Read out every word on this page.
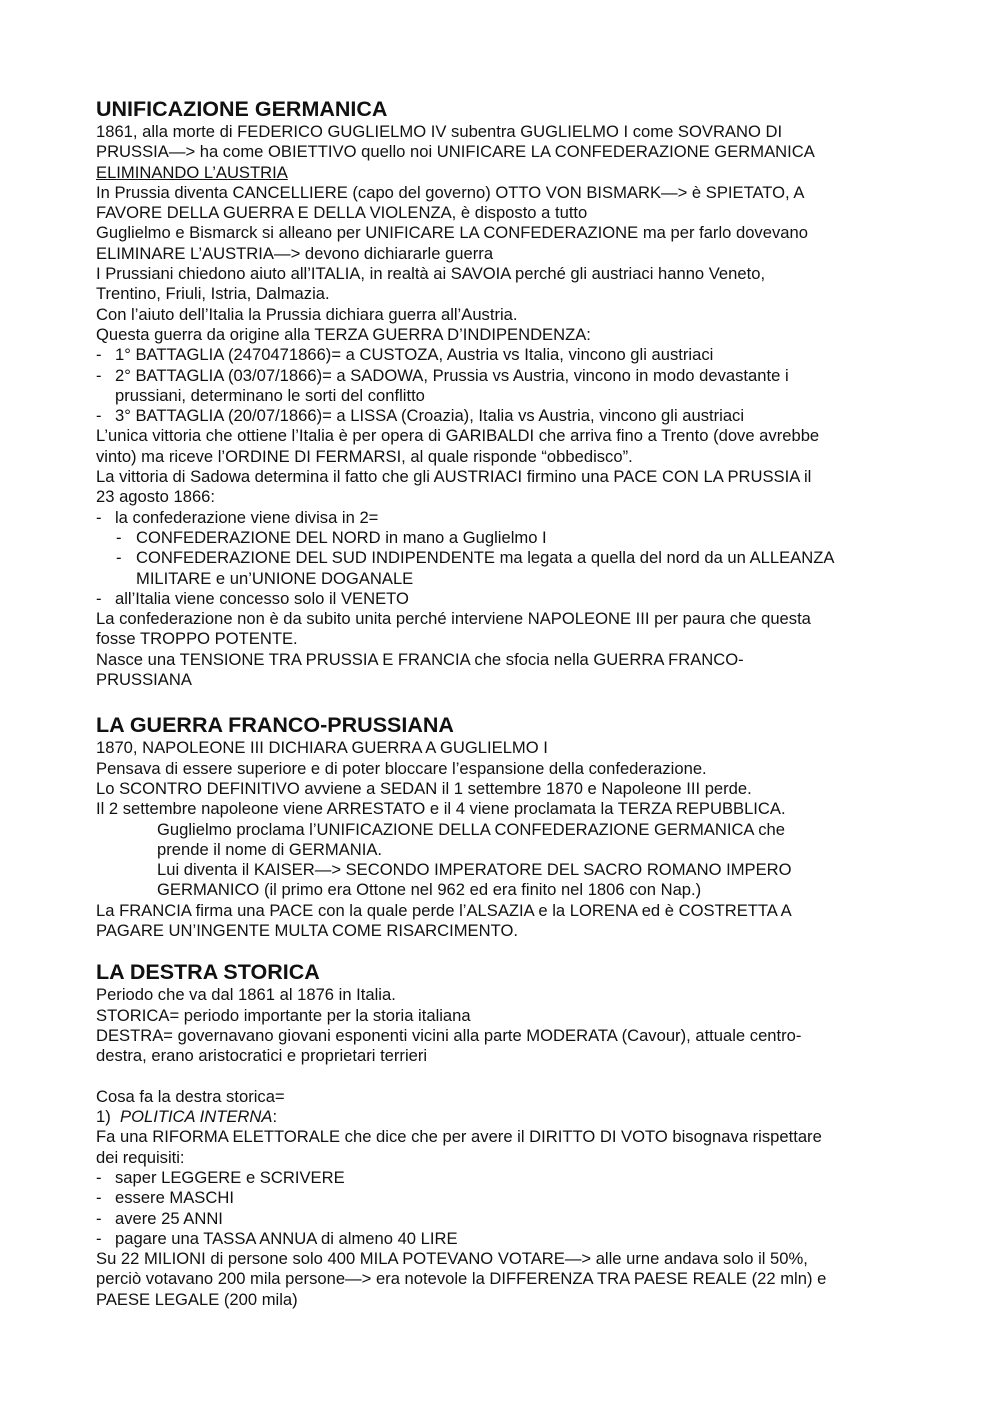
UNIFICAZIONE GERMANICA
1861, alla morte di FEDERICO GUGLIELMO IV subentra GUGLIELMO I come SOVRANO DI
PRUSSIA—> ha come OBIETTIVO quello noi UNIFICARE LA CONFEDERAZIONE GERMANICA
ELIMINANDO L’AUSTRIA
In Prussia diventa CANCELLIERE (capo del governo) OTTO VON BISMARK—> è SPIETATO, A
FAVORE DELLA GUERRA E DELLA VIOLENZA, è disposto a tutto
Guglielmo e Bismarck si alleano per UNIFICARE LA CONFEDERAZIONE ma per farlo dovevano
ELIMINARE L’AUSTRIA—> devono dichiararle guerra
I Prussiani chiedono aiuto all’ITALIA, in realtà ai SAVOIA perché gli austriaci hanno Veneto,
Trentino, Friuli, Istria, Dalmazia.
Con l’aiuto dell’Italia la Prussia dichiara guerra all’Austria.
Questa guerra da origine alla TERZA GUERRA D’INDIPENDENZA:
- 1° BATTAGLIA (2470471866)= a CUSTOZA, Austria vs Italia, vincono gli austriaci
- 2° BATTAGLIA (03/07/1866)= a SADOWA, Prussia vs Austria, vincono in modo devastante i
prussiani, determinano le sorti del conflitto
- 3° BATTAGLIA (20/07/1866)= a LISSA (Croazia), Italia vs Austria, vincono gli austriaci
L’unica vittoria che ottiene l’Italia è per opera di GARIBALDI che arriva fino a Trento (dove avrebbe
vinto) ma riceve l’ORDINE DI FERMARSI, al quale risponde “obbedisco”.
La vittoria di Sadowa determina il fatto che gli AUSTRIACI firmino una PACE CON LA PRUSSIA il
23 agosto 1866:
- la confederazione viene divisa in 2=
- CONFEDERAZIONE DEL NORD in mano a Guglielmo I
- CONFEDERAZIONE DEL SUD INDIPENDENTE ma legata a quella del nord da un ALLEANZA
MILITARE e un’UNIONE DOGANALE
- all’Italia viene concesso solo il VENETO
La confederazione non è da subito unita perché interviene NAPOLEONE III per paura che questa
fosse TROPPO POTENTE.
Nasce una TENSIONE TRA PRUSSIA E FRANCIA che sfocia nella GUERRA FRANCO-
PRUSSIANA
LA GUERRA FRANCO-PRUSSIANA
1870, NAPOLEONE III DICHIARA GUERRA A GUGLIELMO I
Pensava di essere superiore e di poter bloccare l’espansione della confederazione.
Lo SCONTRO DEFINITIVO avviene a SEDAN il 1 settembre 1870 e Napoleone III perde.
Il 2 settembre napoleone viene ARRESTATO e il 4 viene proclamata la TERZA REPUBBLICA.
Guglielmo proclama l’UNIFICAZIONE DELLA CONFEDERAZIONE GERMANICA che
prende il nome di GERMANIA.
Lui diventa il KAISER—> SECONDO IMPERATORE DEL SACRO ROMANO IMPERO
GERMANICO (il primo era Ottone nel 962 ed era finito nel 1806 con Nap.)
La FRANCIA firma una PACE con la quale perde l’ALSAZIA e la LORENA ed è COSTRETTA A
PAGARE UN’INGENTE MULTA COME RISARCIMENTO.
LA DESTRA STORICA
Periodo che va dal 1861 al 1876 in Italia.
STORICA= periodo importante per la storia italiana
DESTRA= governavano giovani esponenti vicini alla parte MODERATA (Cavour), attuale centro-
destra, erano aristocratici e proprietari terrieri
Cosa fa la destra storica=
1) POLITICA INTERNA:
Fa una RIFORMA ELETTORALE che dice che per avere il DIRITTO DI VOTO bisognava rispettare
dei requisiti:
- saper LEGGERE e SCRIVERE
- essere MASCHI
- avere 25 ANNI
- pagare una TASSA ANNUA di almeno 40 LIRE
Su 22 MILIONI di persone solo 400 MILA POTEVANO VOTARE—> alle urne andava solo il 50%,
perciò votavano 200 mila persone—> era notevole la DIFFERENZA TRA PAESE REALE (22 mln) e
PAESE LEGALE (200 mila)
